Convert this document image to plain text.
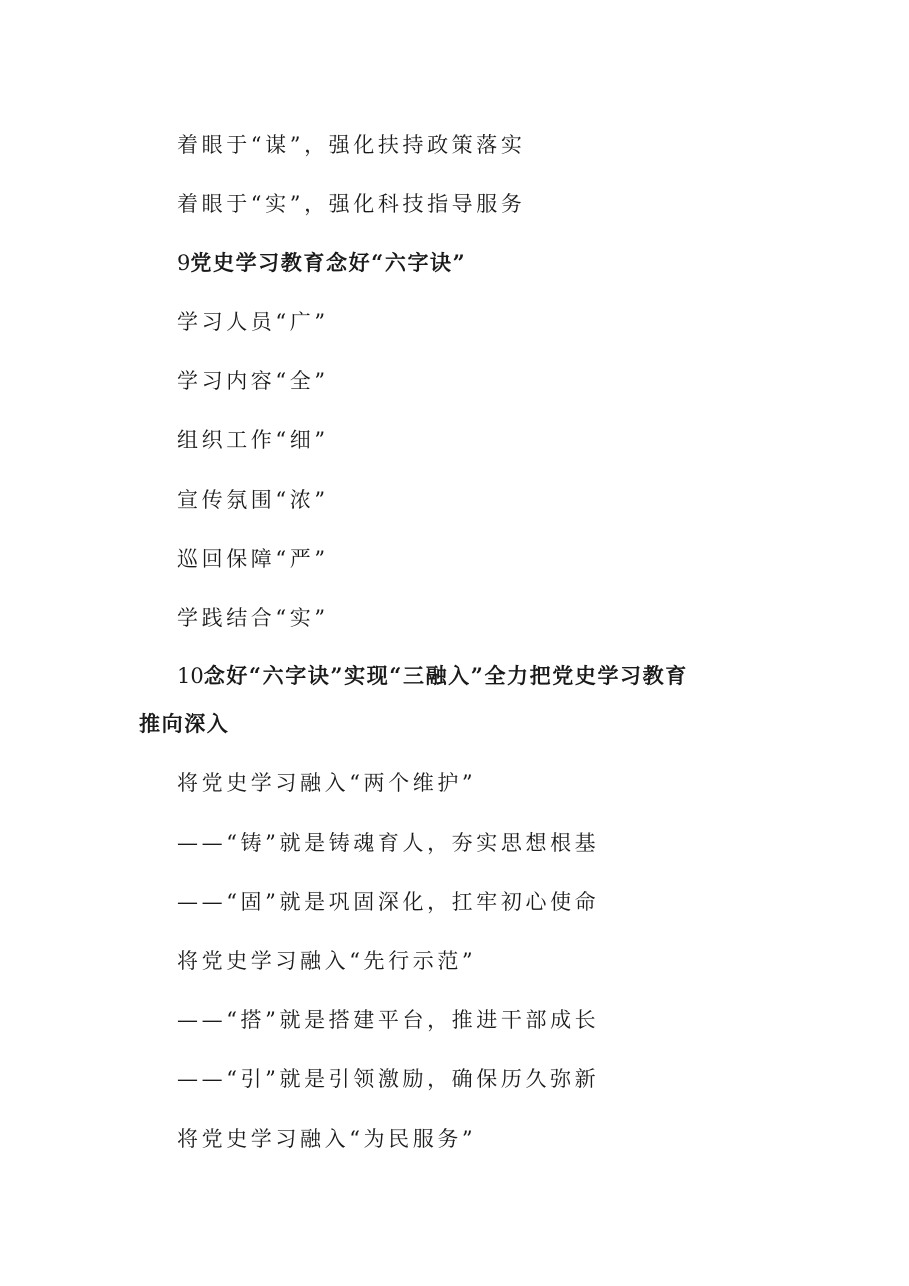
着眼于“谋”，强化扶持政策落实
着眼于“实”，强化科技指导服务
9党史学习教育念好“六字诀”
学习人员“广”
学习内容“全”
组织工作“细”
宣传氛围“浓”
巡回保障“严”
学践结合“实”
10念好“六字诀”实现“三融入”全力把党史学习教育
推向深入
将党史学习融入“两个维护”
——“铸”就是铸魂育人，夯实思想根基
——“固”就是巩固深化，扛牢初心使命
将党史学习融入“先行示范”
——“搭”就是搭建平台，推进干部成长
——“引”就是引领激励，确保历久弥新
将党史学习融入“为民服务”
